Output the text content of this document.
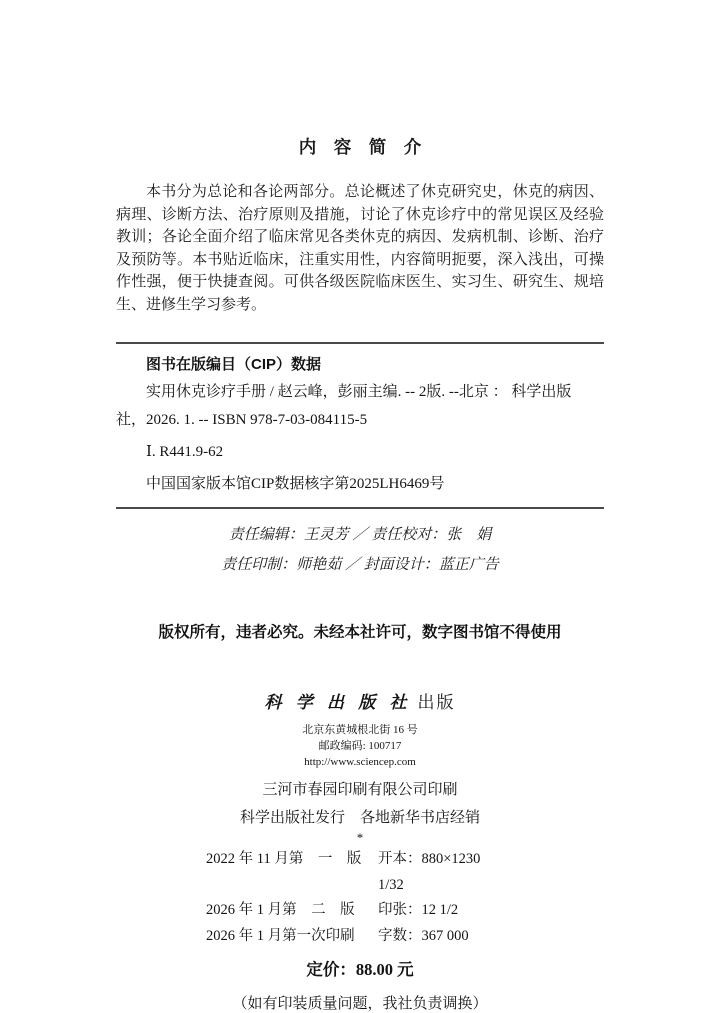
内　容　简　介

本书分为总论和各论两部分。总论概述了休克研究史，休克的病因、病理、诊断方法、治疗原则及措施，讨论了休克诊疗中的常见误区及经验教训；各论全面介绍了临床常见各类休克的病因、发病机制、诊断、治疗及预防等。本书贴近临床，注重实用性，内容简明扼要，深入浅出，可操作性强，便于快捷查阅。可供各级医院临床医生、实习生、研究生、规培生、进修生学习参考。

图书在版编目（CIP）数据
实用休克诊疗手册 / 赵云峰，彭丽主编. -- 2版. --北京 ： 科学出版
社，2026. 1. -- ISBN 978-7-03-084115-5
Ⅰ. R441.9-62
中国国家版本馆CIP数据核字第2025LH6469号
责任编辑：王灵芳 ／ 责任校对：张　娟
责任印制：师艳茹 ／ 封面设计：蓝正广告
版权所有，违者必究。未经本社许可，数字图书馆不得使用
科 学 出 版 社 出版
北京东黄城根北街 16 号
邮政编码: 100717
http://www.sciencep.com
三河市春园印刷有限公司印刷
科学出版社发行　各地新华书店经销
*
2022 年 11 月第　一　版	开本：880×1230　1/32
2026 年 1 月第　二　版	印张：12 1/2
2026 年 1 月第一次印刷	字数：367 000
定价：88.00 元
（如有印装质量问题，我社负责调换）
